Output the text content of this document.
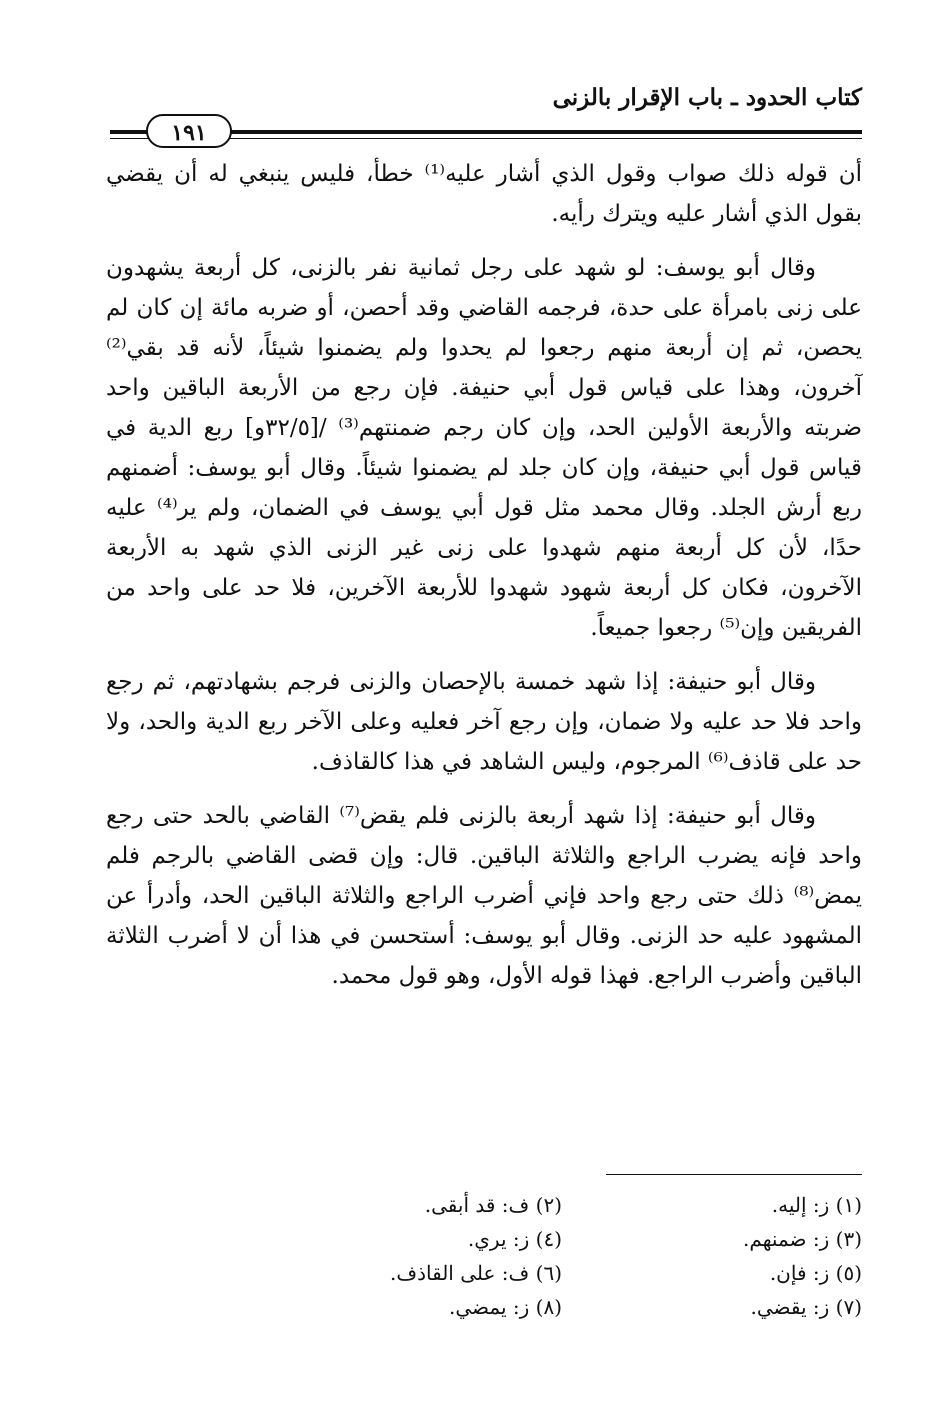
كتاب الحدود ـ باب الإقرار بالزنى
١٩١

أن قوله ذلك صواب وقول الذي أشار عليه⁽¹⁾ خطأ، فليس ينبغي له أن يقضي بقول الذي أشار عليه ويترك رأيه.

وقال أبو يوسف: لو شهد على رجل ثمانية نفر بالزنى، كل أربعة يشهدون على زنى بامرأة على حدة، فرجمه القاضي وقد أحصن، أو ضربه مائة إن كان لم يحصن، ثم إن أربعة منهم رجعوا لم يحدوا ولم يضمنوا شيئاً، لأنه قد بقي⁽²⁾ آخرون، وهذا على قياس قول أبي حنيفة. فإن رجع من الأربعة الباقين واحد ضربته والأربعة الأولين الحد، وإن كان رجم ضمنتهم⁽³⁾ /[٣٢/٥و] ربع الدية في قياس قول أبي حنيفة، وإن كان جلد لم يضمنوا شيئاً. وقال أبو يوسف: أضمنهم ربع أرش الجلد. وقال محمد مثل قول أبي يوسف في الضمان، ولم ير⁽⁴⁾ عليه حدًا، لأن كل أربعة منهم شهدوا على زنى غير الزنى الذي شهد به الأربعة الآخرون، فكان كل أربعة شهود شهدوا للأربعة الآخرين، فلا حد على واحد من الفريقين وإن⁽⁵⁾ رجعوا جميعاً.

وقال أبو حنيفة: إذا شهد خمسة بالإحصان والزنى فرجم بشهادتهم، ثم رجع واحد فلا حد عليه ولا ضمان، وإن رجع آخر فعليه وعلى الآخر ربع الدية والحد، ولا حد على قاذف⁽⁶⁾ المرجوم، وليس الشاهد في هذا كالقاذف.

وقال أبو حنيفة: إذا شهد أربعة بالزنى فلم يقض⁽⁷⁾ القاضي بالحد حتى رجع واحد فإنه يضرب الراجع والثلاثة الباقين. قال: وإن قضى القاضي بالرجم فلم يمض⁽⁸⁾ ذلك حتى رجع واحد فإني أضرب الراجع والثلاثة الباقين الحد، وأدرأ عن المشهود عليه حد الزنى. وقال أبو يوسف: أستحسن في هذا أن لا أضرب الثلاثة الباقين وأضرب الراجع. فهذا قوله الأول، وهو قول محمد.

(١) ز: إليه.
(٢) ف: قد أبقى.
(٣) ز: ضمنهم.
(٤) ز: يري.
(٥) ز: فإن.
(٦) ف: على القاذف.
(٧) ز: يقضي.
(٨) ز: يمضي.
